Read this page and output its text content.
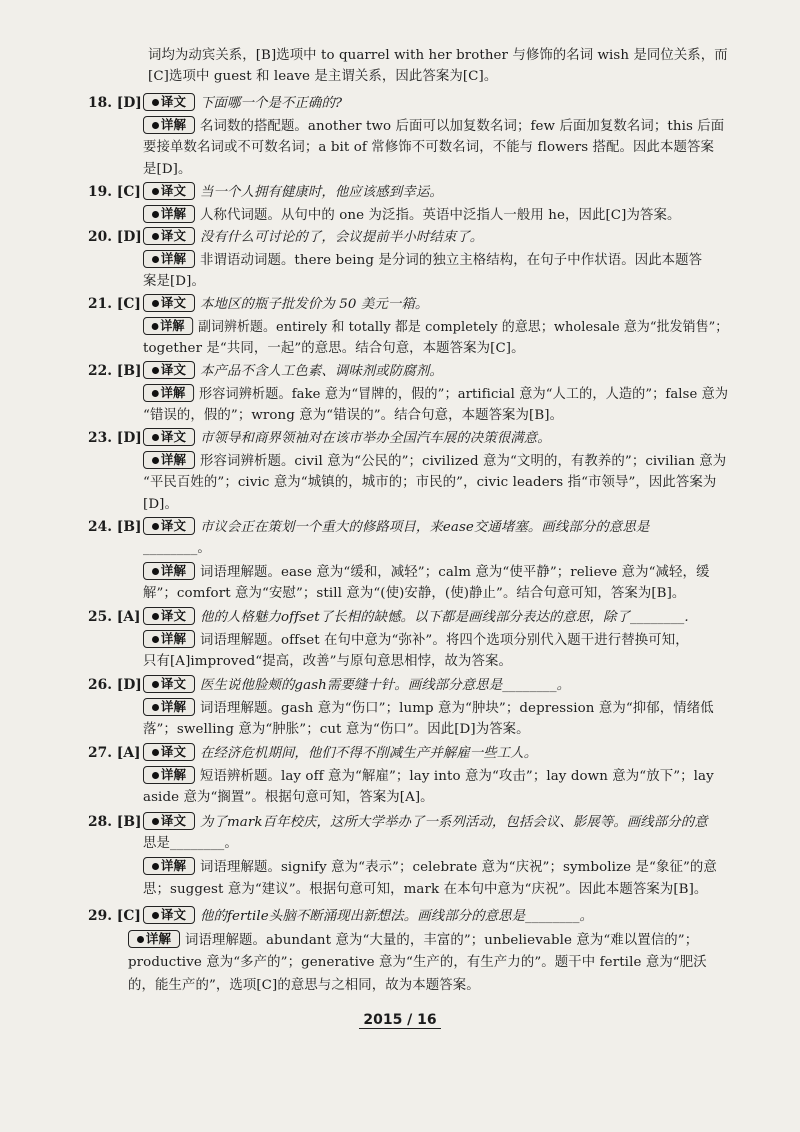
词均为动宾关系，[B]选项中 to quarrel with her brother 与修饰的名词 wish 是同位关系，而
[C]选项中 guest 和 leave 是主谓关系，因此答案为[C]。
18. [D]	译文 下面哪一个是不正确的?
详解 名词数的搭配题。another two 后面可以加复数名词；few 后面加复数名词；this 后面
要接单数名词或不可数名词；a bit of 常修饰不可数名词，不能与 flowers 搭配。因此本题答案
是[D]。
19. [C]	译文 当一个人拥有健康时，他应该感到幸运。
详解 人称代词题。从句中的 one 为泛指。英语中泛指人一般用 he，因此[C]为答案。
20. [D]	译文 没有什么可讨论的了，会议提前半小时结束了。
详解 非谓语动词题。there being 是分词的独立主格结构，在句子中作状语。因此本题答
案是[D]。
21. [C]	译文 本地区的瓶子批发价为 50 美元一箱。
详解 副词辨析题。entirely 和 totally 都是 completely 的意思；wholesale 意为“批发销售”；
together 是“共同，一起”的意思。结合句意，本题答案为[C]。
22. [B]	译文 本产品不含人工色素、调味剂或防腐剂。
详解 形容词辨析题。fake 意为“冒牌的，假的”；artificial 意为“人工的，人造的”；false 意为
“错误的，假的”；wrong 意为“错误的”。结合句意，本题答案为[B]。
23. [D]	译文 市领导和商界领袖对在该市举办全国汽车展的决策很满意。
详解 形容词辨析题。civil 意为“公民的”；civilized 意为“文明的，有教养的”；civilian 意为
“平民百姓的”；civic 意为“城镇的，城市的；市民的”，civic leaders 指“市领导”，因此答案为
[D]。
24. [B]	译文 市议会正在策划一个重大的修路项目，来ease交通堵塞。画线部分的意思是
________。
详解 词语理解题。ease 意为“缓和，减轻”；calm 意为“使平静”；relieve 意为“减轻，缓
解”；comfort 意为“安慰”；still 意为“(使)安静，(使)静止”。结合句意可知，答案为[B]。
25. [A]	译文 他的人格魅力offset了长相的缺憾。以下都是画线部分表达的意思，除了________.
详解 词语理解题。offset 在句中意为“弥补”。将四个选项分别代入题干进行替换可知，
只有[A]improved“提高，改善”与原句意思相悖，故为答案。
26. [D]	译文 医生说他脸颊的gash需要缝十针。画线部分意思是________。
详解 词语理解题。gash 意为“伤口”；lump 意为“肿块”；depression 意为“抑郁，情绪低
落”；swelling 意为“肿胀”；cut 意为“伤口”。因此[D]为答案。
27. [A]	译文 在经济危机期间，他们不得不削减生产并解雇一些工人。
详解 短语辨析题。lay off 意为“解雇”；lay into 意为“攻击”；lay down 意为“放下”；lay
aside 意为“搁置”。根据句意可知，答案为[A]。
28. [B]	译文 为了mark百年校庆，这所大学举办了一系列活动，包括会议、影展等。画线部分的意
思是________。
详解 词语理解题。signify 意为“表示”；celebrate 意为“庆祝”；symbolize 是“象征”的意
思；suggest 意为“建议”。根据句意可知，mark 在本句中意为“庆祝”。因此本题答案为[B]。
29. [C]	译文 他的fertile头脑不断涌现出新想法。画线部分的意思是________。
详解 词语理解题。abundant 意为“大量的，丰富的”；unbelievable 意为“难以置信的”；
productive 意为“多产的”；generative 意为“生产的，有生产力的”。题干中 fertile 意为“肥沃
的，能生产的”，选项[C]的意思与之相同，故为本题答案。
2015 / 16
